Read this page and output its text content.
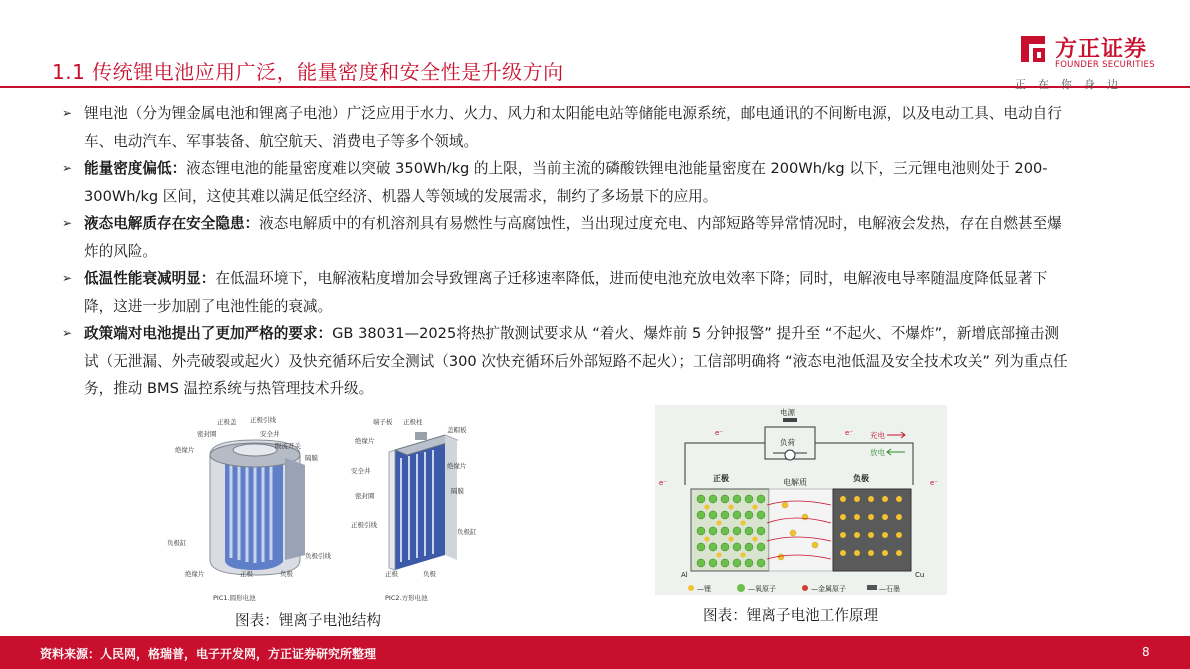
1.1 传统锂电池应用广泛，能量密度和安全性是升级方向
方正证券
FOUNDER SECURITIES
正在你身边
➢ 锂电池（分为锂金属电池和锂离子电池）广泛应用于水力、火力、风力和太阳能电站等储能电源系统，邮电通讯的不间断电源，以及电动工具、电动自行车、电动汽车、军事装备、航空航天、消费电子等多个领域。
➢ 能量密度偏低：液态锂电池的能量密度难以突破 350Wh/kg 的上限，当前主流的磷酸铁锂电池能量密度在 200Wh/kg 以下，三元锂电池则处于 200-300Wh/kg 区间，这使其难以满足低空经济、机器人等领域的发展需求，制约了多场景下的应用。
➢ 液态电解质存在安全隐患：液态电解质中的有机溶剂具有易燃性与高腐蚀性，当出现过度充电、内部短路等异常情况时，电解液会发热，存在自燃甚至爆炸的风险。
➢ 低温性能衰减明显：在低温环境下，电解液粘度增加会导致锂离子迁移速率降低，进而使电池充放电效率下降；同时，电解液电导率随温度降低显著下降，这进一步加剧了电池性能的衰减。
➢ 政策端对电池提出了更加严格的要求：GB 38031—2025将热扩散测试要求从 “着火、爆炸前 5 分钟报警” 提升至 “不起火、不爆炸”，新增底部撞击测试（无泄漏、外壳破裂或起火）及快充循环后安全测试（300 次快充循环后外部短路不起火）；工信部明确将 “液态电池低温及安全技术攻关” 列为重点任务，推动 BMS 温控系统与热管理技术升级。
正极盖 正极引线
密封圈	安全井
绝缘片	限流开关
隔膜
负极缸
负极引线
绝缘片	正极	负极
PIC1.圆形电池
端子板 正极柱
盖帽板
绝缘片
绝缘片
安全井
隔膜
密封圈
正极引线
负极缸
正极	负极
PIC2.方形电池
图表：锂离子电池结构
电源
负荷
充电
放电
e⁻	e⁻
e⁻	e⁻
正极	负极
电解质
Al	Cu
—锂	—氧原子	—金属原子	—石墨
图表：锂离子电池工作原理
资料来源：人民网，格瑞普，电子开发网，方正证券研究所整理	8
